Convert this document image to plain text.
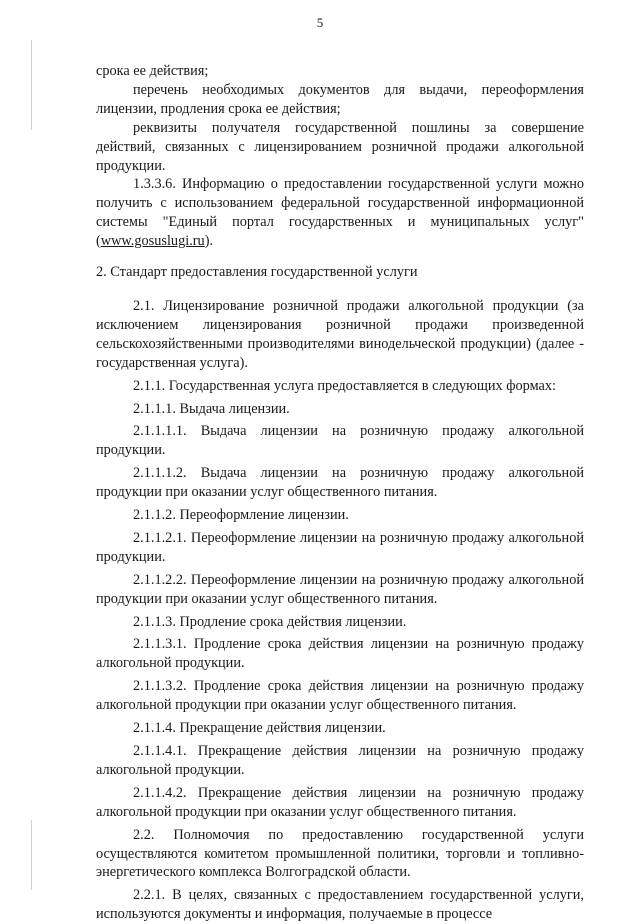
5

срока ее действия;

перечень необходимых документов для выдачи, переоформления лицензии, продления срока ее действия;

реквизиты получателя государственной пошлины за совершение действий, связанных с лицензированием розничной продажи алкогольной продукции.

1.3.3.6. Информацию о предоставлении государственной услуги можно получить с использованием федеральной государственной информационной системы "Единый портал государственных и муниципальных услуг" (www.gosuslugi.ru).

2. Стандарт предоставления государственной услуги

2.1. Лицензирование розничной продажи алкогольной продукции (за исключением лицензирования розничной продажи произведенной сельскохозяйственными производителями винодельческой продукции) (далее - государственная услуга).

2.1.1. Государственная услуга предоставляется в следующих формах:

2.1.1.1. Выдача лицензии.

2.1.1.1.1. Выдача лицензии на розничную продажу алкогольной продукции.

2.1.1.1.2. Выдача лицензии на розничную продажу алкогольной продукции при оказании услуг общественного питания.

2.1.1.2. Переоформление лицензии.

2.1.1.2.1. Переоформление лицензии на розничную продажу алкогольной продукции.

2.1.1.2.2. Переоформление лицензии на розничную продажу алкогольной продукции при оказании услуг общественного питания.

2.1.1.3. Продление срока действия лицензии.

2.1.1.3.1. Продление срока действия лицензии на розничную продажу алкогольной продукции.

2.1.1.3.2. Продление срока действия лицензии на розничную продажу алкогольной продукции при оказании услуг общественного питания.

2.1.1.4. Прекращение действия лицензии.

2.1.1.4.1. Прекращение действия лицензии на розничную продажу алкогольной продукции.

2.1.1.4.2. Прекращение действия лицензии на розничную продажу алкогольной продукции при оказании услуг общественного питания.

2.2. Полномочия по предоставлению государственной услуги осуществляются комитетом промышленной политики, торговли и топливно-энергетического комплекса Волгоградской области.

2.2.1. В целях, связанных с предоставлением государственной услуги, используются документы и информация, получаемые в процессе
